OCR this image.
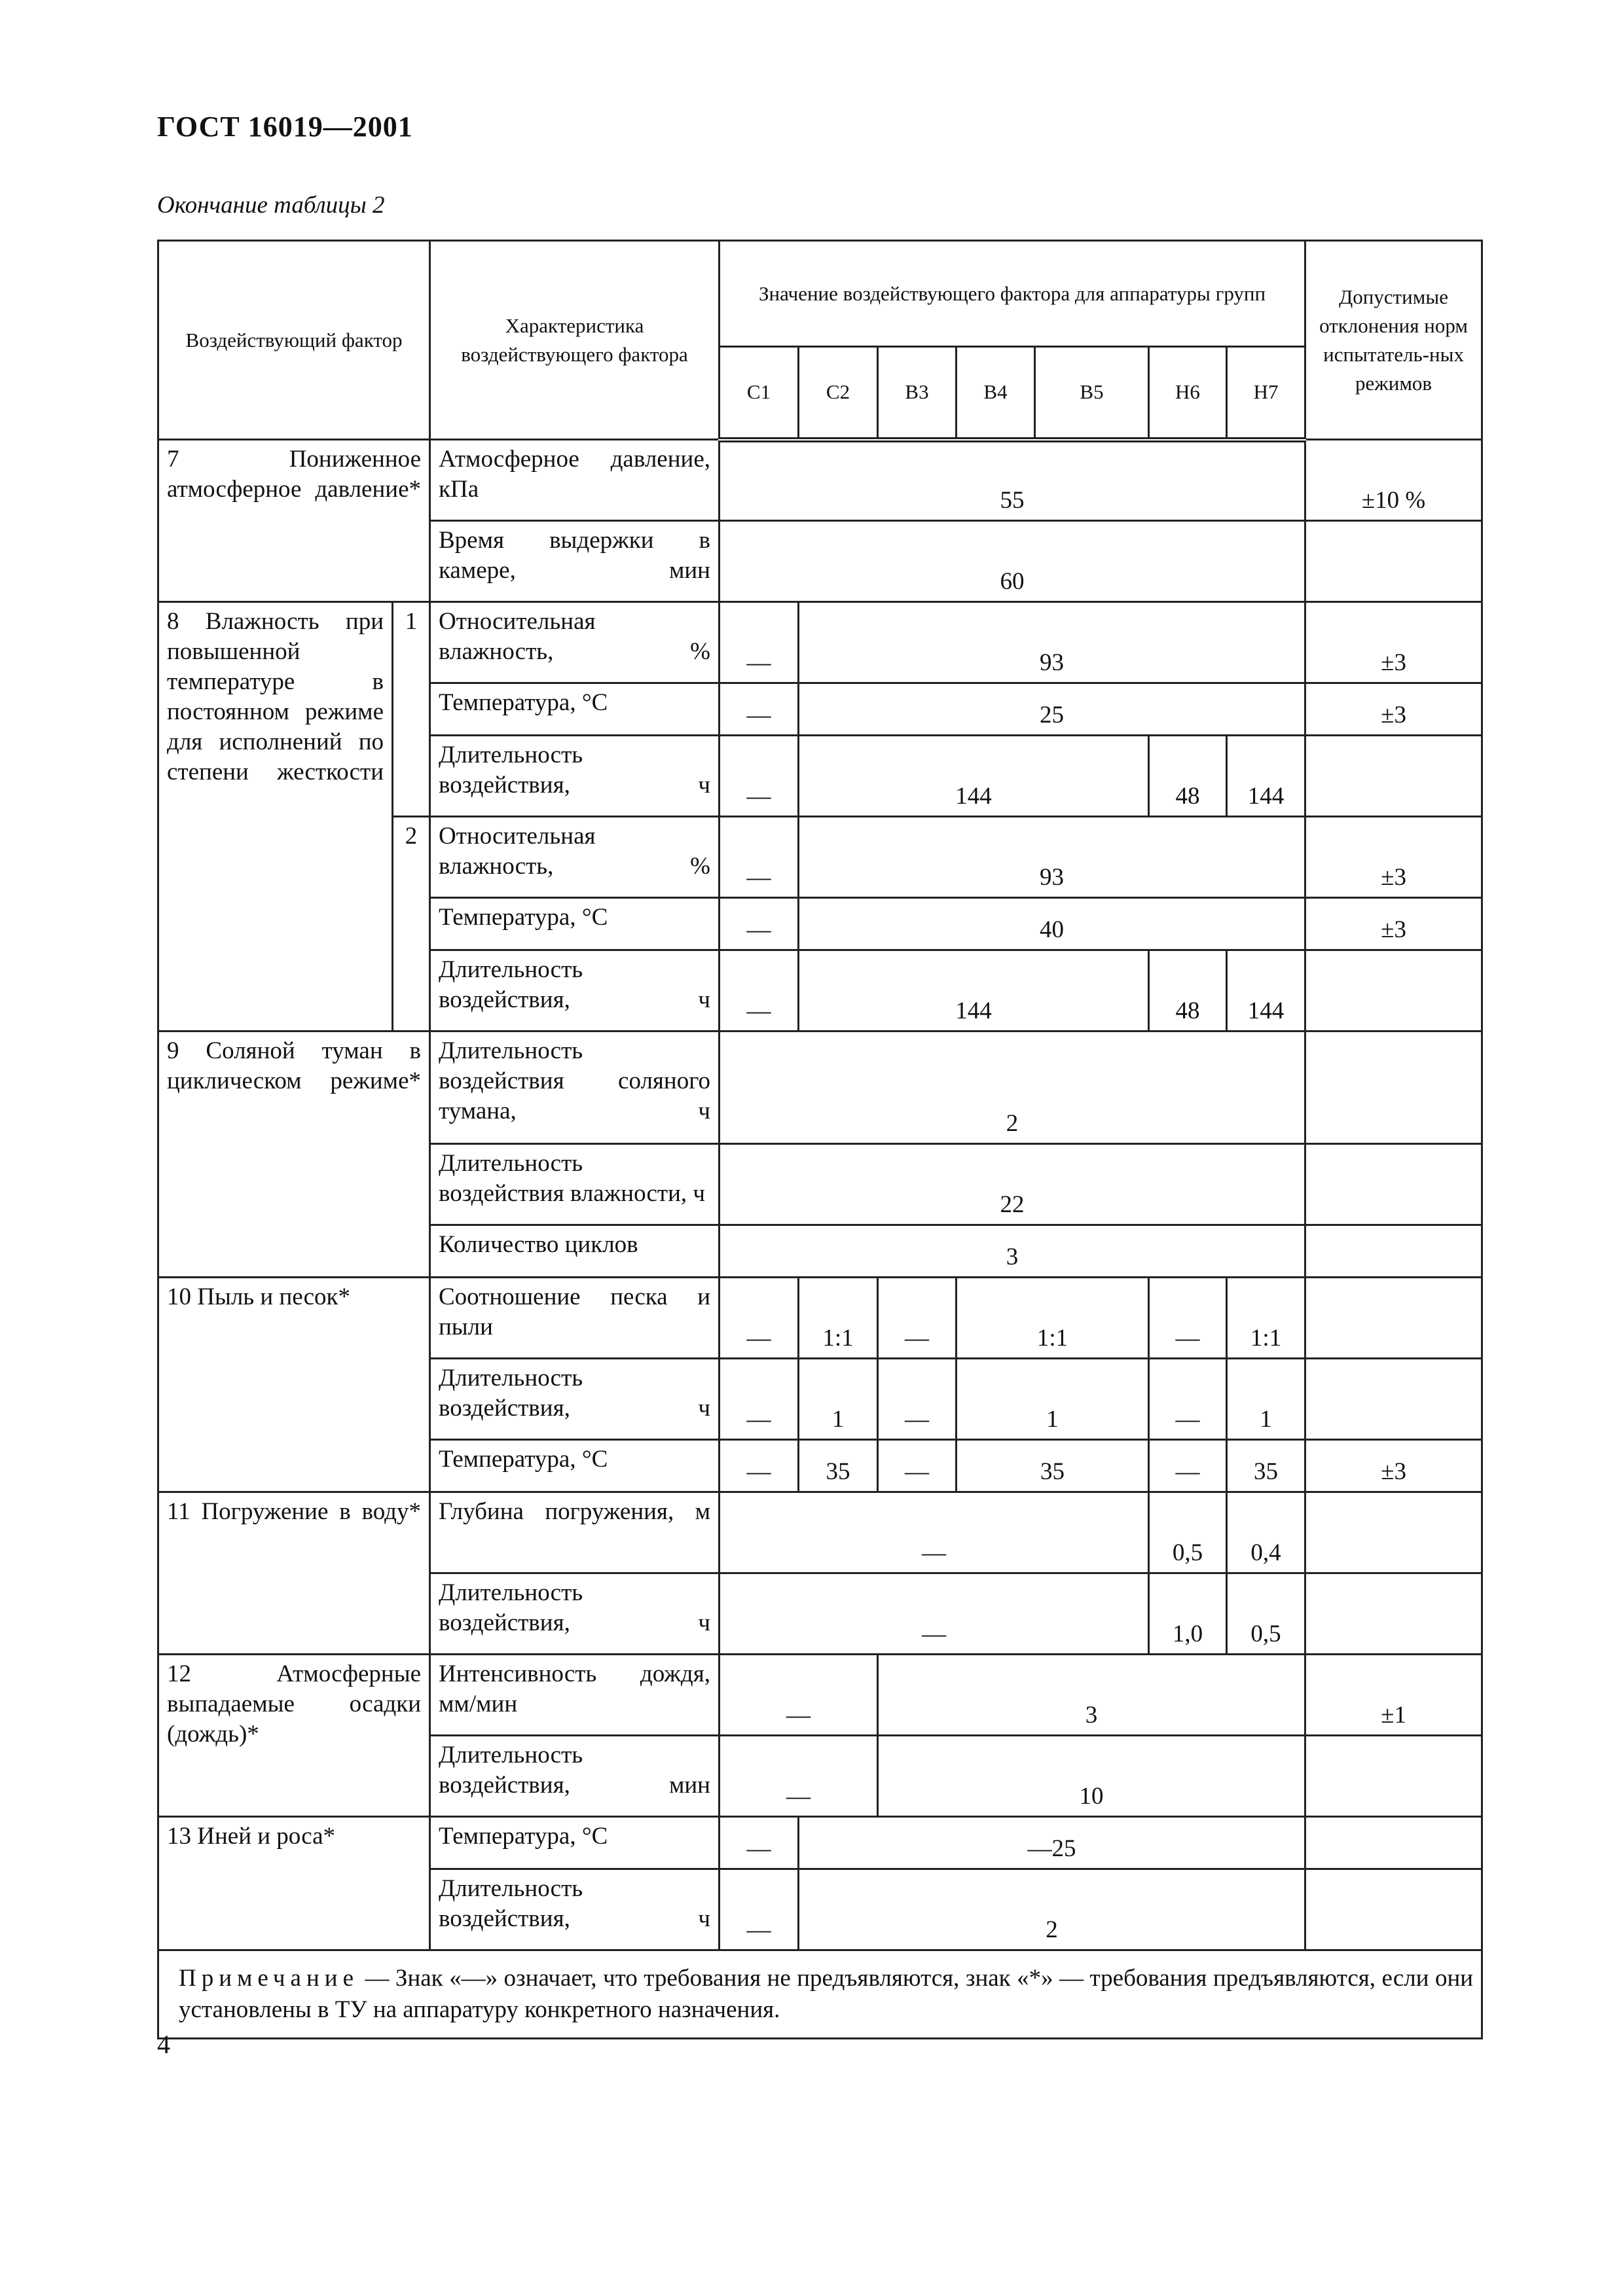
ГОСТ 16019—2001
Окончание таблицы 2
Воздействующий фактор		Характеристика воздействующего фактора	Значение воздействующего фактора для аппаратуры групп							Допустимые отклонения норм испытатель-ных режимов
			С1	С2	В3	В4	В5	Н6	Н7	
7 Пониженное атмосферное давление*		Атмосферное давление, кПа	55							±10 %
		Время выдержки в камере, мин	60							
8 Влажность при повышенной температуре в постоянном режиме для исполнений по степени жесткости	1	Относительная влажность, %	—	93						±3
		Температура, °С	—	25						±3
		Длительность воздействия, ч	—	144				48	144	
	2	Относительная влажность, %	—	93						±3
		Температура, °С	—	40						±3
		Длительность воздействия, ч	—	144				48	144	
9 Соляной туман в циклическом режиме*		Длительность воздействия соляного тумана, ч	2							
		Длительность воздействия влажности, ч	22							
		Количество циклов	3							
10 Пыль и песок*		Соотношение песка и пыли	—	1:1	—	1:1		—	1:1	
		Длительность воздействия, ч	—	1	—	1		—	1	
		Температура, °С	—	35	—	35		—	35	±3
11 Погружение в воду*		Глубина погружения, м	—					0,5	0,4	
		Длительность воздействия, ч	—					1,0	0,5	
12 Атмосферные выпадаемые осадки (дождь)*		Интенсивность дождя, мм/мин	—		3					±1
		Длительность воздействия, мин	—		10					
13 Иней и роса*		Температура, °С	—	—25						
		Длительность воздействия, ч	—	2						
Примечание — Знак «—» означает, что требования не предъявляются, знак «*» — требования предъявляются, если они установлены в ТУ на аппаратуру конкретного назначения.										
4
